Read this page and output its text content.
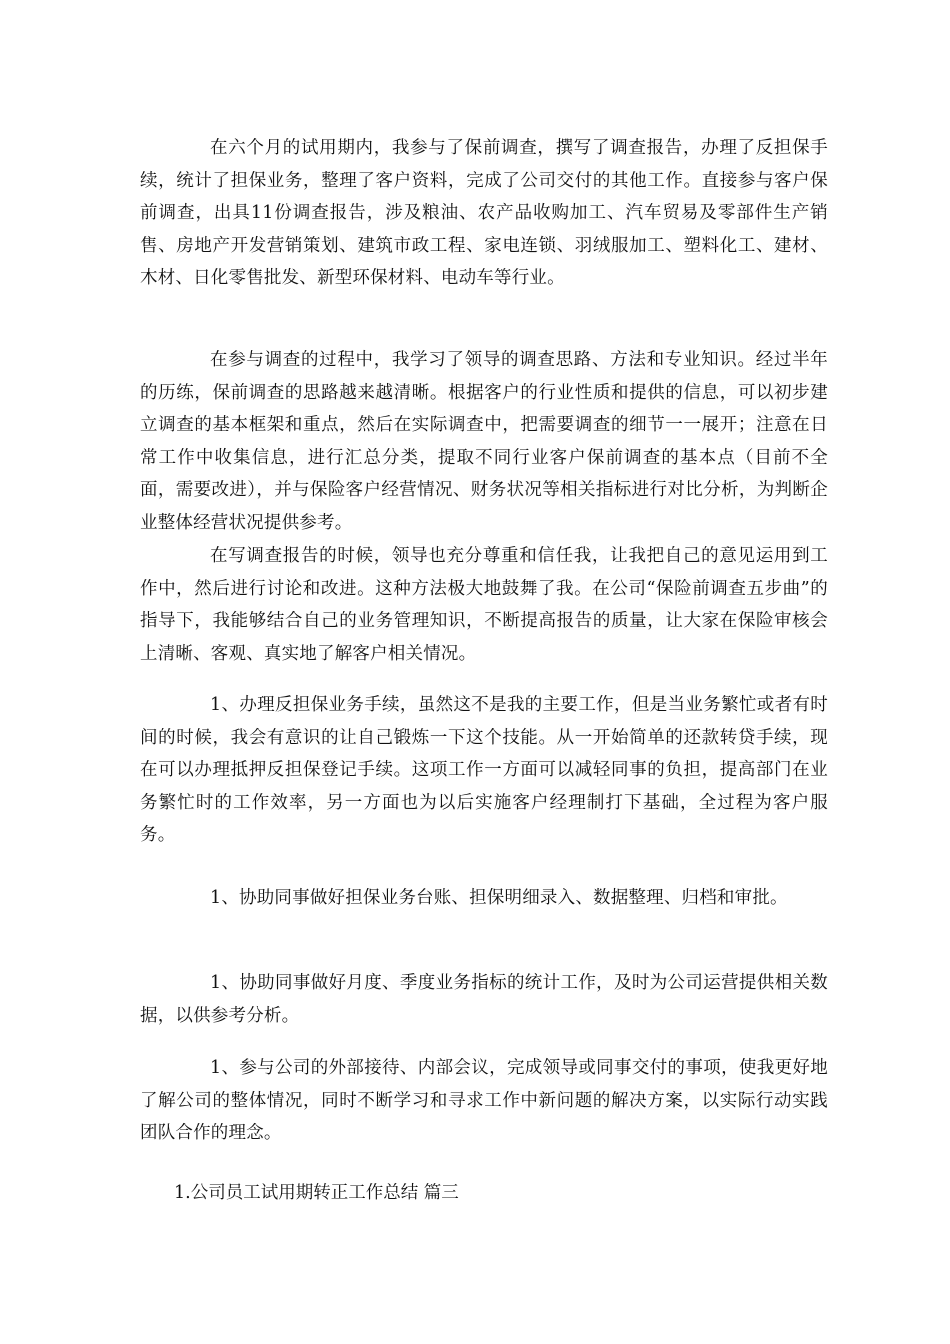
在六个月的试用期内，我参与了保前调查，撰写了调查报告，办理了反担保手续，统计了担保业务，整理了客户资料，完成了公司交付的其他工作。直接参与客户保前调查，出具11份调查报告，涉及粮油、农产品收购加工、汽车贸易及零部件生产销售、房地产开发营销策划、建筑市政工程、家电连锁、羽绒服加工、塑料化工、建材、木材、日化零售批发、新型环保材料、电动车等行业。

在参与调查的过程中，我学习了领导的调查思路、方法和专业知识。经过半年的历练，保前调查的思路越来越清晰。根据客户的行业性质和提供的信息，可以初步建立调查的基本框架和重点，然后在实际调查中，把需要调查的细节一一展开；注意在日常工作中收集信息，进行汇总分类，提取不同行业客户保前调查的基本点（目前不全面，需要改进），并与保险客户经营情况、财务状况等相关指标进行对比分析，为判断企业整体经营状况提供参考。

在写调查报告的时候，领导也充分尊重和信任我，让我把自己的意见运用到工作中，然后进行讨论和改进。这种方法极大地鼓舞了我。在公司“保险前调查五步曲”的指导下，我能够结合自己的业务管理知识，不断提高报告的质量，让大家在保险审核会上清晰、客观、真实地了解客户相关情况。

1、办理反担保业务手续，虽然这不是我的主要工作，但是当业务繁忙或者有时间的时候，我会有意识的让自己锻炼一下这个技能。从一开始简单的还款转贷手续，现在可以办理抵押反担保登记手续。这项工作一方面可以减轻同事的负担，提高部门在业务繁忙时的工作效率，另一方面也为以后实施客户经理制打下基础，全过程为客户服务。

1、协助同事做好担保业务台账、担保明细录入、数据整理、归档和审批。

1、协助同事做好月度、季度业务指标的统计工作，及时为公司运营提供相关数据，以供参考分析。

1、参与公司的外部接待、内部会议，完成领导或同事交付的事项，使我更好地了解公司的整体情况，同时不断学习和寻求工作中新问题的解决方案，以实际行动实践团队合作的理念。

1.公司员工试用期转正工作总结 篇三
